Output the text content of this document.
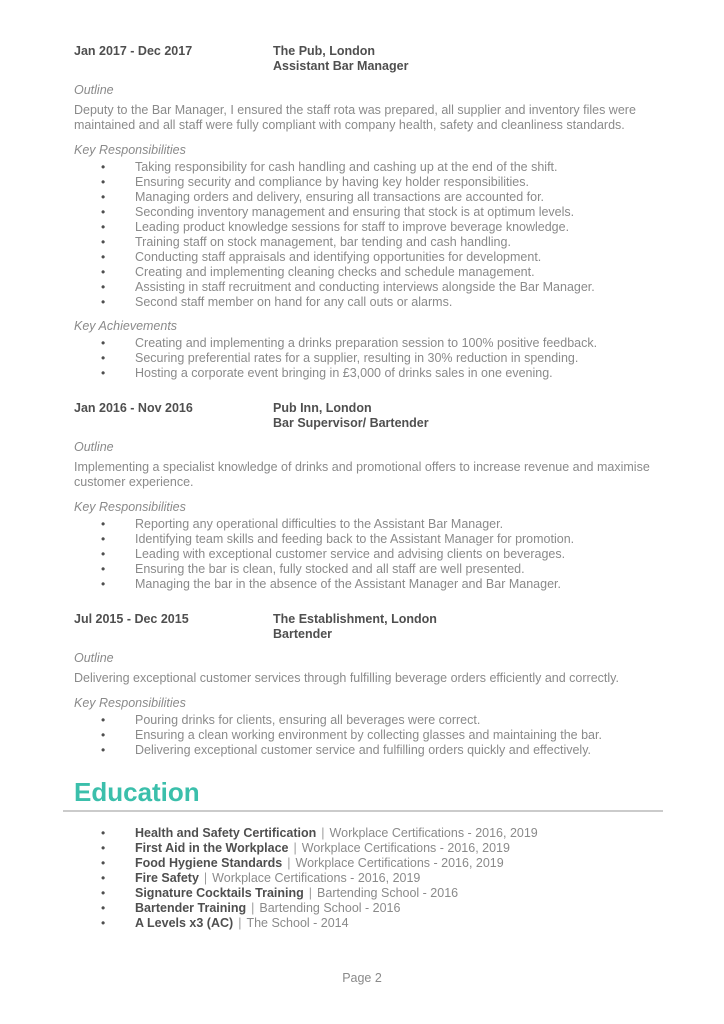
Jan 2017 - Dec 2017	The Pub, London
Assistant Bar Manager
Outline

Deputy to the Bar Manager, I ensured the staff rota was prepared, all supplier and inventory files were maintained and all staff were fully compliant with company health, safety and cleanliness standards.

Key Responsibilities
• Taking responsibility for cash handling and cashing up at the end of the shift.
• Ensuring security and compliance by having key holder responsibilities.
• Managing orders and delivery, ensuring all transactions are accounted for.
• Seconding inventory management and ensuring that stock is at optimum levels.
• Leading product knowledge sessions for staff to improve beverage knowledge.
• Training staff on stock management, bar tending and cash handling.
• Conducting staff appraisals and identifying opportunities for development.
• Creating and implementing cleaning checks and schedule management.
• Assisting in staff recruitment and conducting interviews alongside the Bar Manager.
• Second staff member on hand for any call outs or alarms.
Key Achievements
• Creating and implementing a drinks preparation session to 100% positive feedback.
• Securing preferential rates for a supplier, resulting in 30% reduction in spending.
• Hosting a corporate event bringing in £3,000 of drinks sales in one evening.
Jan 2016 - Nov 2016	Pub Inn, London
Bar Supervisor/ Bartender
Outline

Implementing a specialist knowledge of drinks and promotional offers to increase revenue and maximise customer experience.

Key Responsibilities
• Reporting any operational difficulties to the Assistant Bar Manager.
• Identifying team skills and feeding back to the Assistant Manager for promotion.
• Leading with exceptional customer service and advising clients on beverages.
• Ensuring the bar is clean, fully stocked and all staff are well presented.
• Managing the bar in the absence of the Assistant Manager and Bar Manager.
Jul 2015 - Dec 2015	The Establishment, London
Bartender
Outline

Delivering exceptional customer services through fulfilling beverage orders efficiently and correctly.

Key Responsibilities
• Pouring drinks for clients, ensuring all beverages were correct.
• Ensuring a clean working environment by collecting glasses and maintaining the bar.
• Delivering exceptional customer service and fulfilling orders quickly and effectively.
Education
• Health and Safety Certification | Workplace Certifications - 2016, 2019
• First Aid in the Workplace | Workplace Certifications - 2016, 2019
• Food Hygiene Standards | Workplace Certifications - 2016, 2019
• Fire Safety | Workplace Certifications - 2016, 2019
• Signature Cocktails Training | Bartending School - 2016
• Bartender Training | Bartending School - 2016
• A Levels x3 (AC) | The School - 2014
Page 2
